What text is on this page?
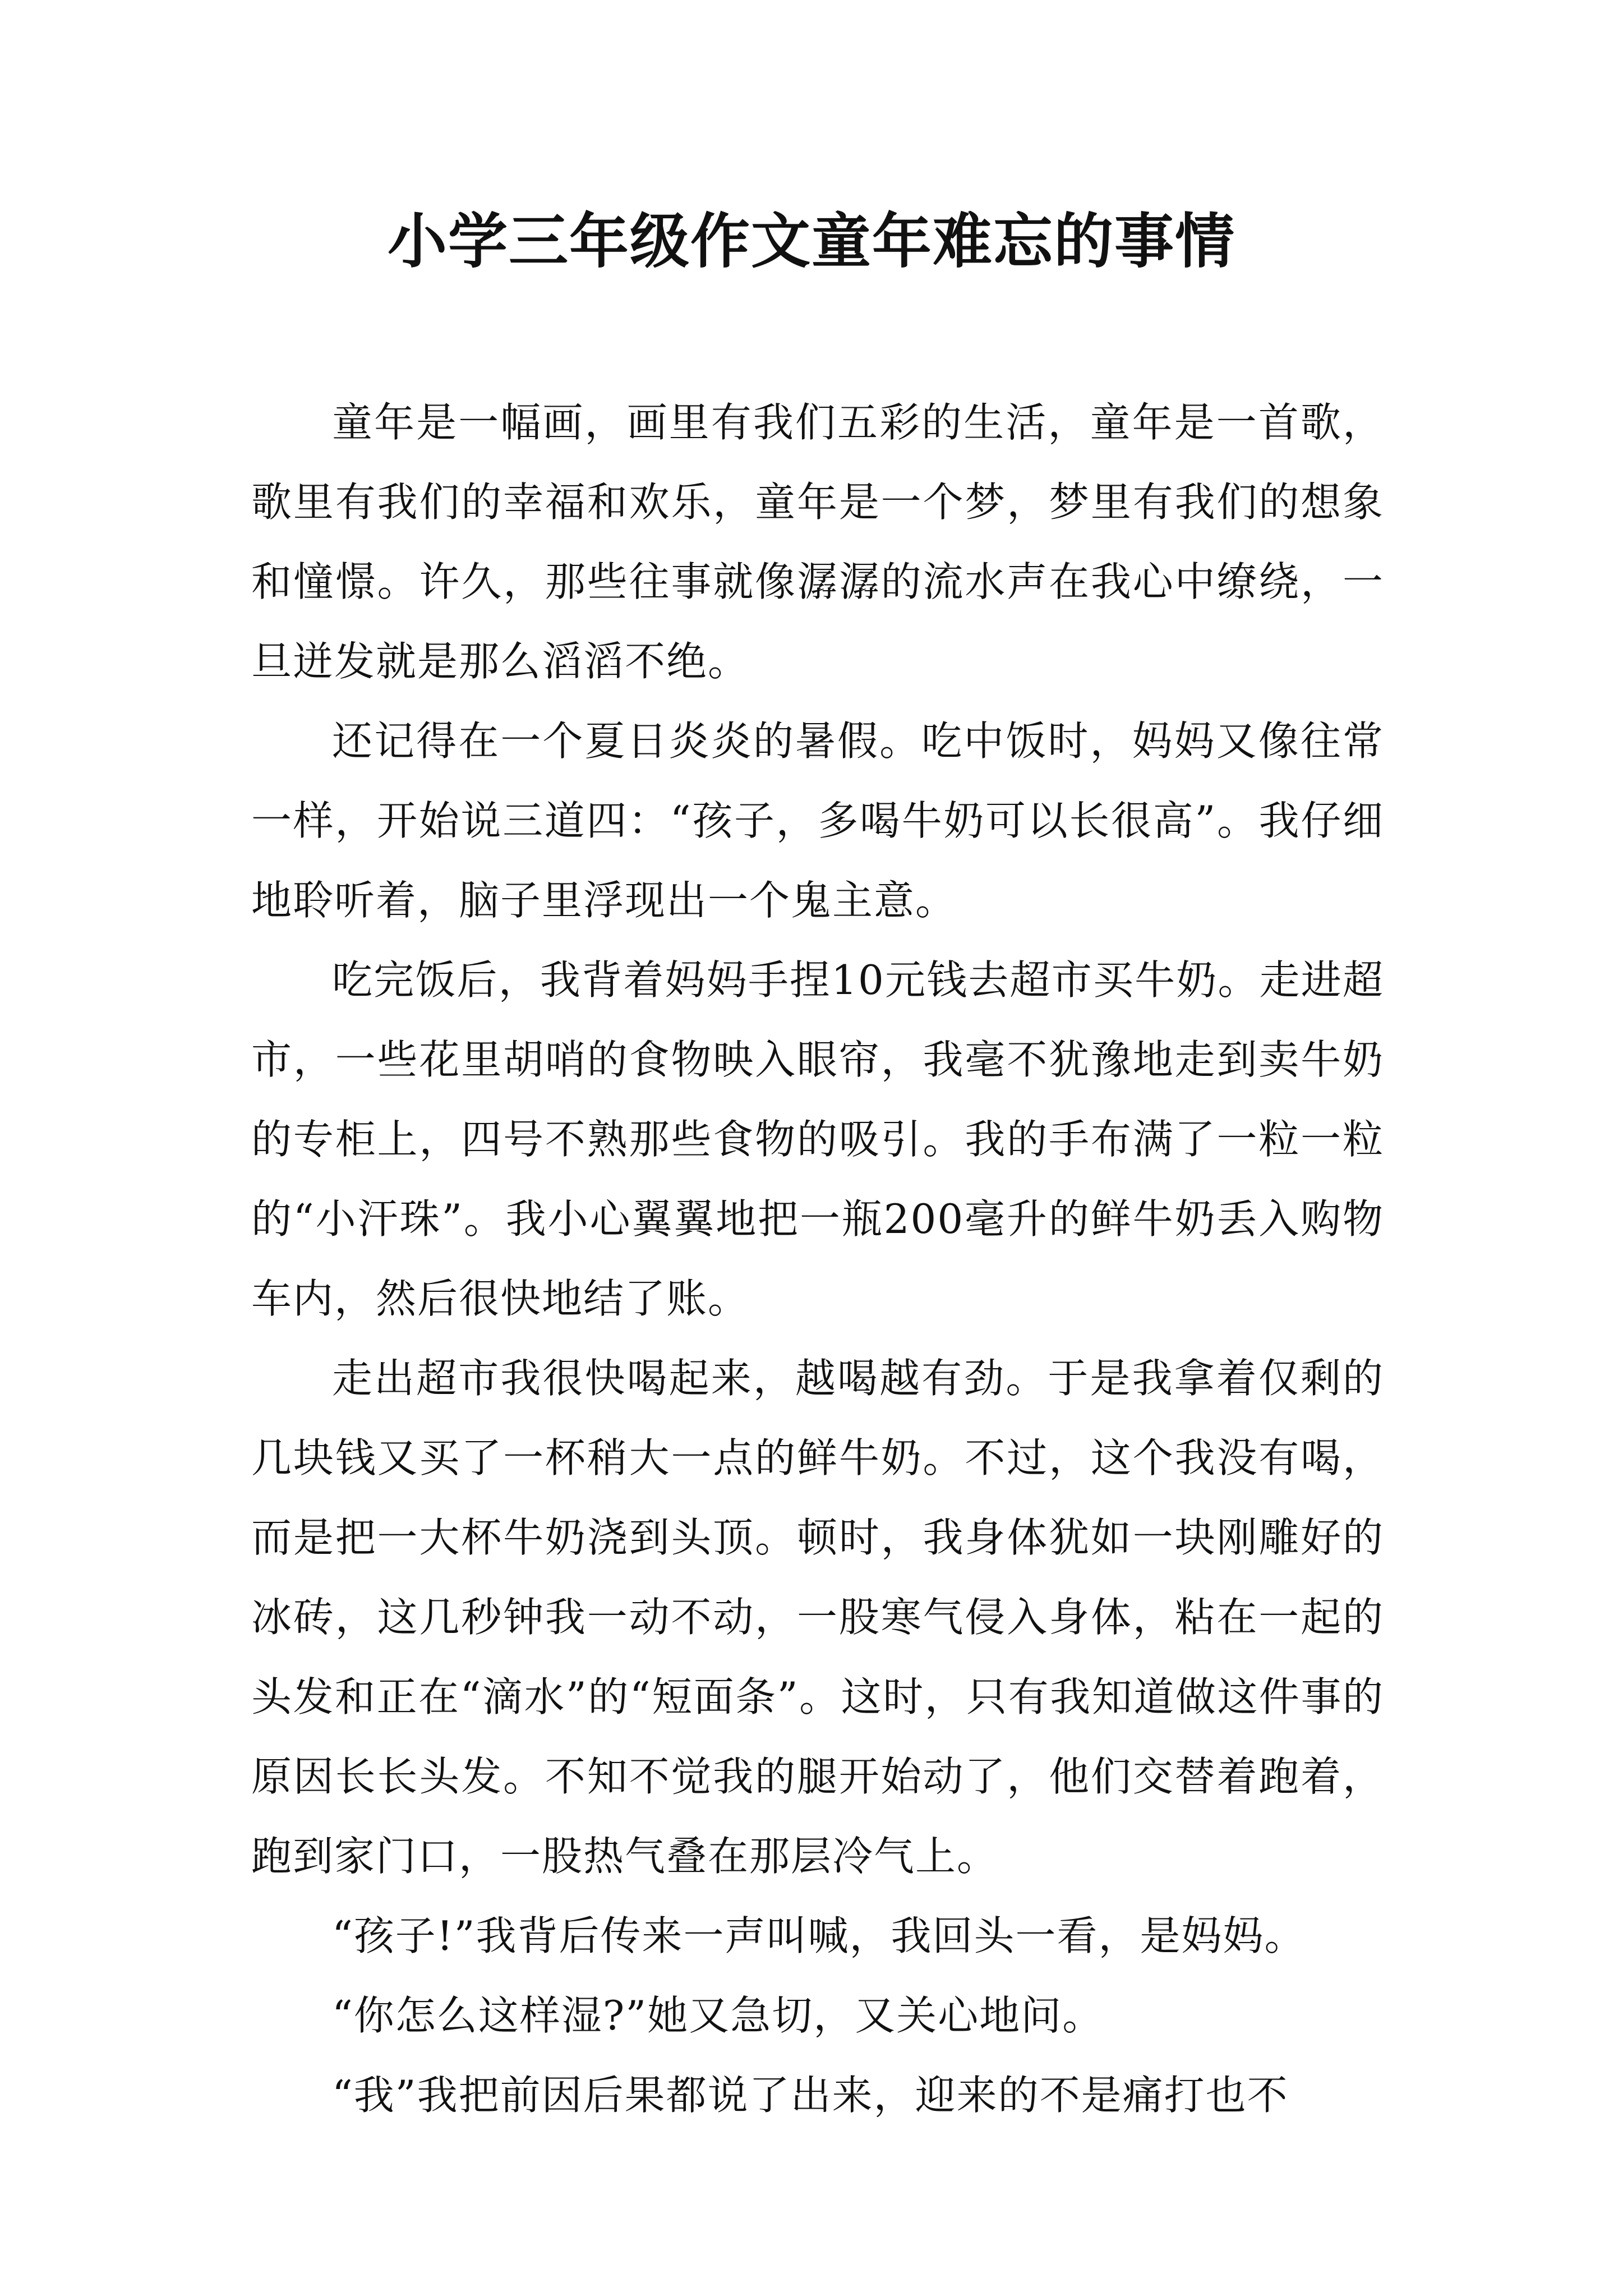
小学三年级作文童年难忘的事情

童年是一幅画，画里有我们五彩的生活，童年是一首歌，歌里有我们的幸福和欢乐，童年是一个梦，梦里有我们的想象和憧憬。许久，那些往事就像潺潺的流水声在我心中缭绕，一旦迸发就是那么滔滔不绝。

还记得在一个夏日炎炎的暑假。吃中饭时，妈妈又像往常一样，开始说三道四：“孩子，多喝牛奶可以长很高”。我仔细地聆听着，脑子里浮现出一个鬼主意。

吃完饭后，我背着妈妈手捏10元钱去超市买牛奶。走进超市，一些花里胡哨的食物映入眼帘，我毫不犹豫地走到卖牛奶的专柜上，四号不熟那些食物的吸引。我的手布满了一粒一粒的“小汗珠”。我小心翼翼地把一瓶200毫升的鲜牛奶丢入购物车内，然后很快地结了账。

走出超市我很快喝起来，越喝越有劲。于是我拿着仅剩的几块钱又买了一杯稍大一点的鲜牛奶。不过，这个我没有喝，而是把一大杯牛奶浇到头顶。顿时，我身体犹如一块刚雕好的冰砖，这几秒钟我一动不动，一股寒气侵入身体，粘在一起的头发和正在“滴水”的“短面条”。这时，只有我知道做这件事的原因长长头发。不知不觉我的腿开始动了，他们交替着跑着，跑到家门口，一股热气叠在那层冷气上。

“孩子!”我背后传来一声叫喊，我回头一看，是妈妈。

“你怎么这样湿?”她又急切，又关心地问。

“我”我把前因后果都说了出来，迎来的不是痛打也不
